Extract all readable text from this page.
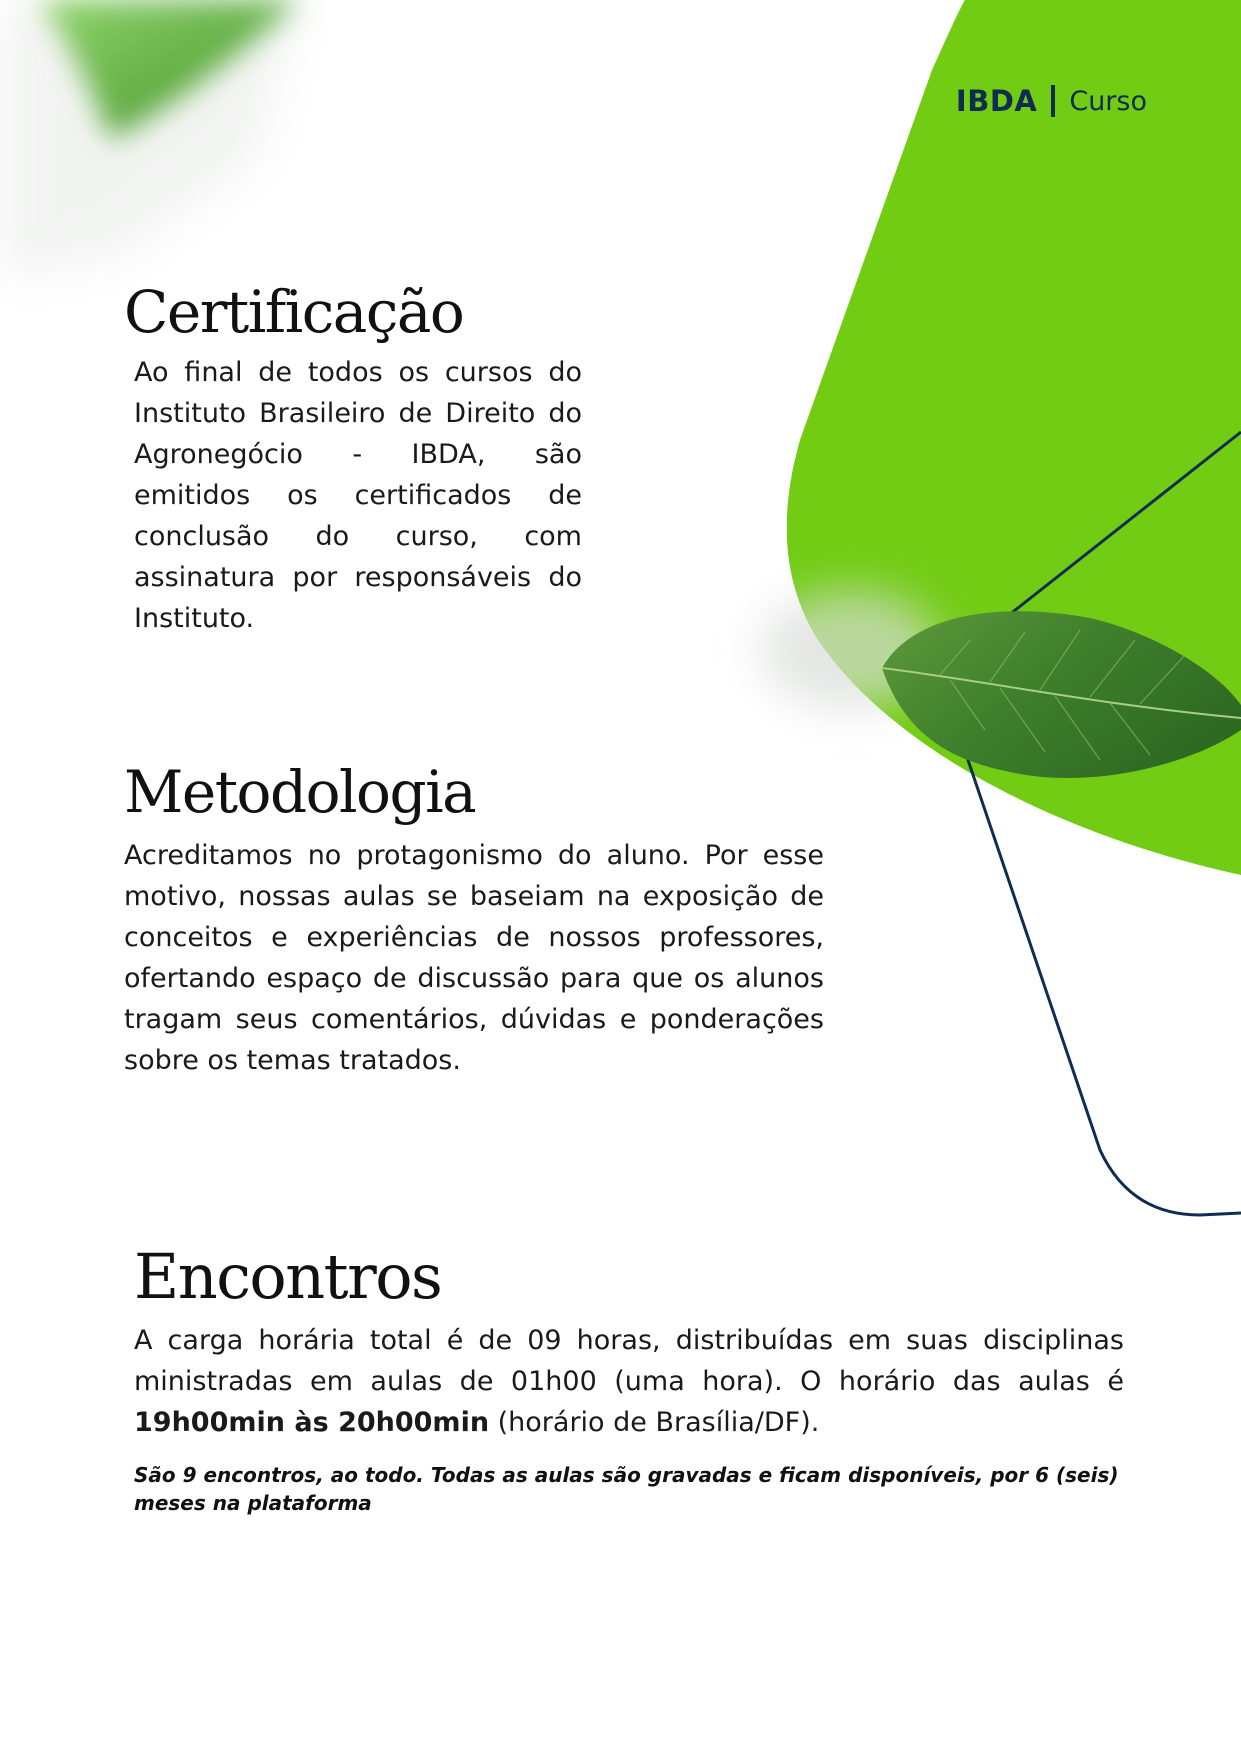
IBDA Curso
Certificação

Ao final de todos os cursos do Instituto Brasileiro de Direito do Agronegócio - IBDA, são emitidos os certificados de conclusão do curso, com assinatura por responsáveis do Instituto.

Metodologia

Acreditamos no protagonismo do aluno. Por esse motivo, nossas aulas se baseiam na exposição de conceitos e experiências de nossos professores, ofertando espaço de discussão para que os alunos tragam seus comentários, dúvidas e ponderações sobre os temas tratados.

Encontros

A carga horária total é de 09 horas, distribuídas em suas disciplinas ministradas em aulas de 01h00 (uma hora). O horário das aulas é 19h00min às 20h00min (horário de Brasília/DF).

São 9 encontros, ao todo. Todas as aulas são gravadas e ficam disponíveis, por 6 (seis) meses na plataforma
